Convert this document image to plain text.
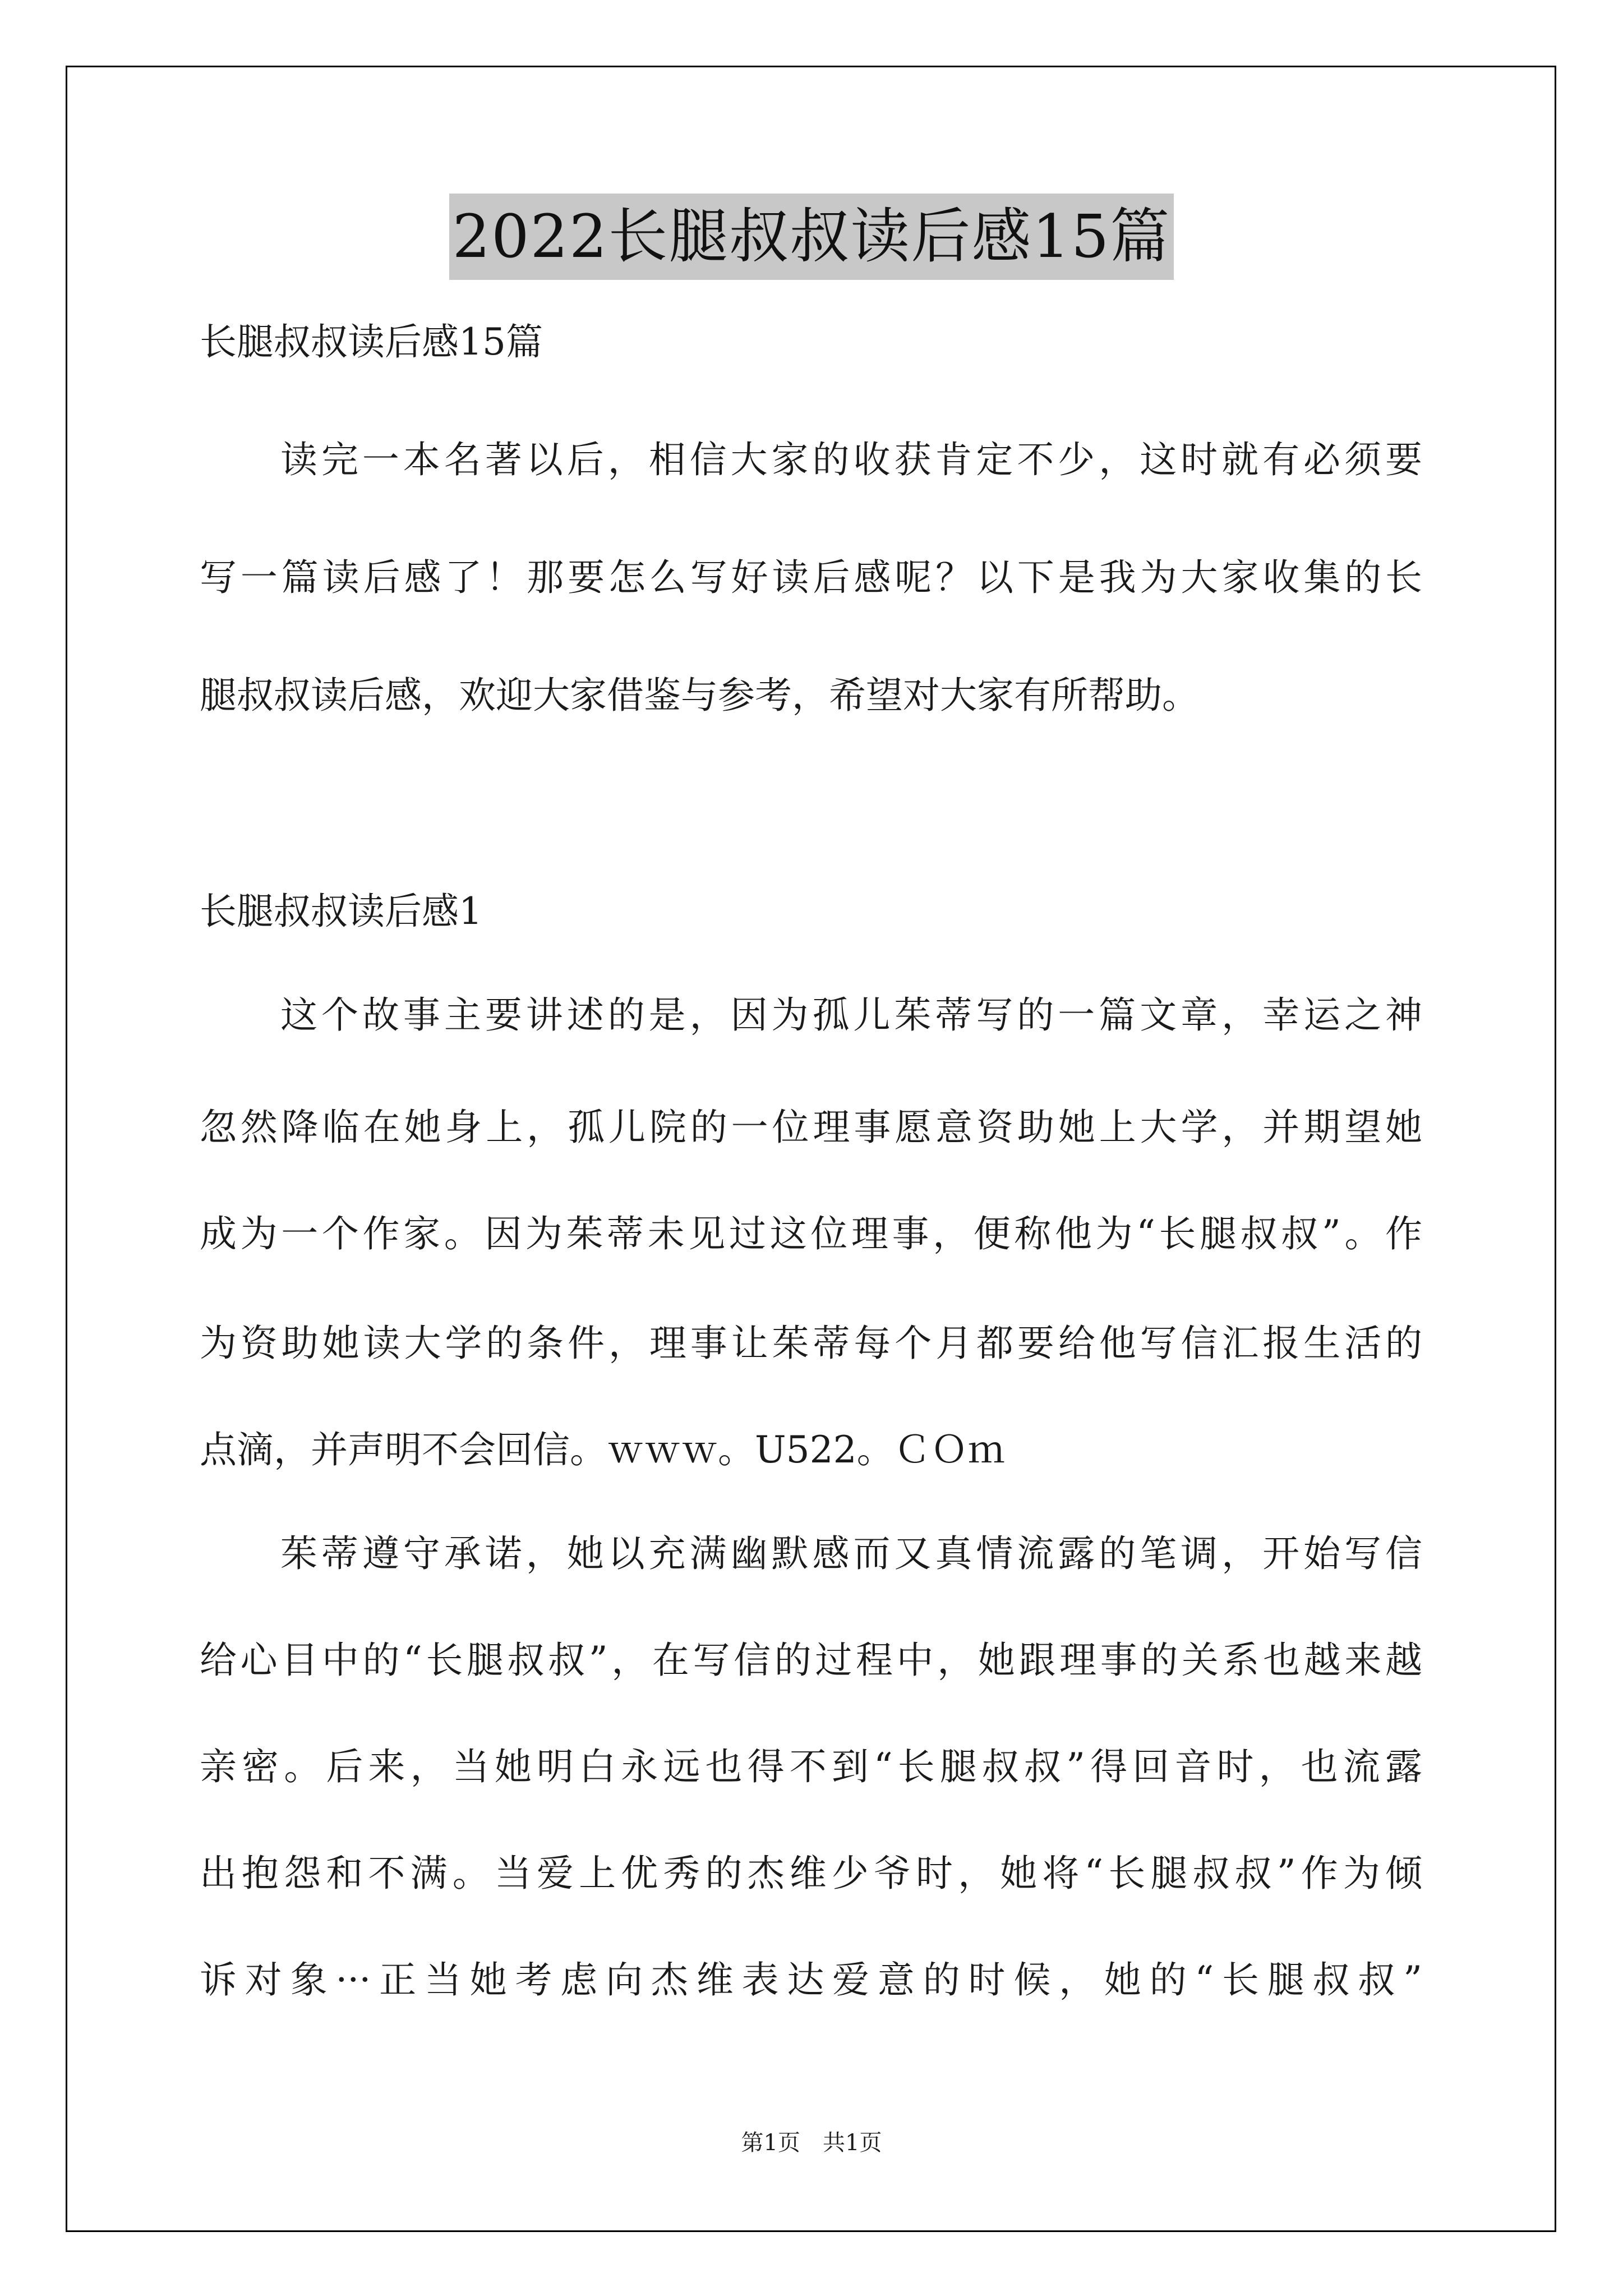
2022长腿叔叔读后感15篇
长腿叔叔读后感15篇
读完一本名著以后，相信大家的收获肯定不少，这时就有必须要
写一篇读后感了！那要怎么写好读后感呢？以下是我为大家收集的长
腿叔叔读后感，欢迎大家借鉴与参考，希望对大家有所帮助。
长腿叔叔读后感1
这个故事主要讲述的是，因为孤儿茱蒂写的一篇文章，幸运之神
忽然降临在她身上，孤儿院的一位理事愿意资助她上大学，并期望她
成为一个作家。因为茱蒂未见过这位理事，便称他为“长腿叔叔”。作
为资助她读大学的条件，理事让茱蒂每个月都要给他写信汇报生活的
点滴，并声明不会回信。ｗｗｗ。U522。ＣＯｍ
茱蒂遵守承诺，她以充满幽默感而又真情流露的笔调，开始写信
给心目中的“长腿叔叔”，在写信的过程中，她跟理事的关系也越来越
亲密。后来，当她明白永远也得不到“长腿叔叔”得回音时，也流露
出抱怨和不满。当爱上优秀的杰维少爷时，她将“长腿叔叔”作为倾
诉对象···正当她考虑向杰维表达爱意的时候，她的“长腿叔叔”
第1页　共1页
